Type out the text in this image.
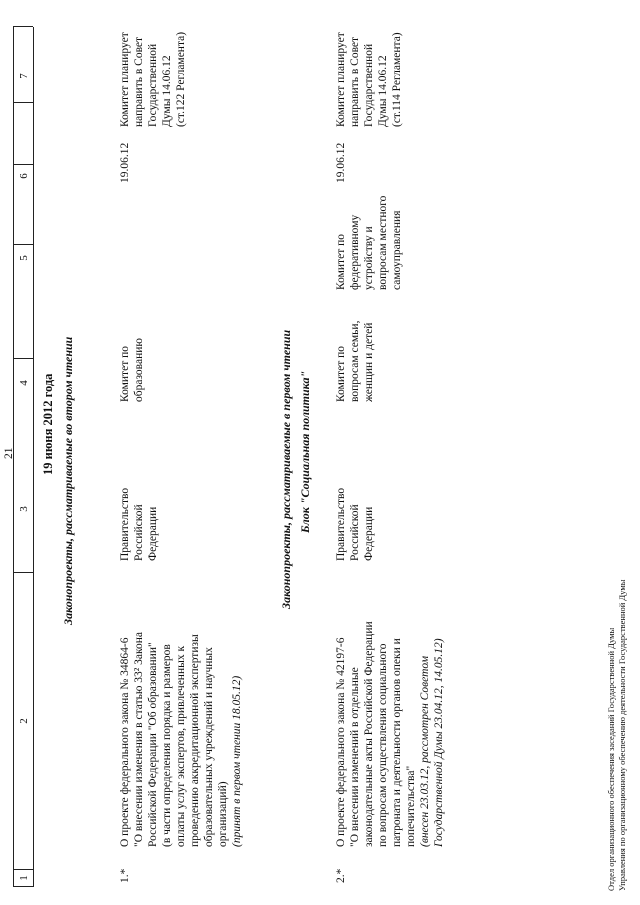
21
1
2
3
4
5
6
7
19 июня 2012 года Законопроекты, рассматриваемые во втором чтении
1.*
О проекте федерального закона № 34864-6 "О внесении изменения в статью 33² Закона Российской Федерации "Об образовании" (в части определения порядка и размеров оплаты услуг экспертов, привлеченных к проведению аккредитационной экспертизы образовательных учреждений и научных организаций) (принят в первом чтении 18.05.12)
Правительство Российской Федерации
Комитет по образованию
19.06.12
Комитет планирует направить в Совет Государственной Думы 14.06.12 (ст.122 Регламента)
Законопроекты, рассматриваемые в первом чтении Блок "Социальная политика"
2.*
О проекте федерального закона № 42197-6 "О внесении изменений в отдельные законодательные акты Российской Федерации по вопросам осуществления социального патроната и деятельности органов опеки и попечительства" (внесен 23.03.12, рассмотрен Советом Государственной Думы 23.04.12, 14.05.12)
Правительство Российской Федерации
Комитет по вопросам семьи, женщин и детей
Комитет по федеративному устройству и вопросам местного самоуправления
19.06.12
Комитет планирует направить в Совет Государственной Думы 14.06.12 (ст.114 Регламента)
Отдел организационного обеспечения заседаний Государственной Думы Управления по организационному обеспечению деятельности Государственной Думы
